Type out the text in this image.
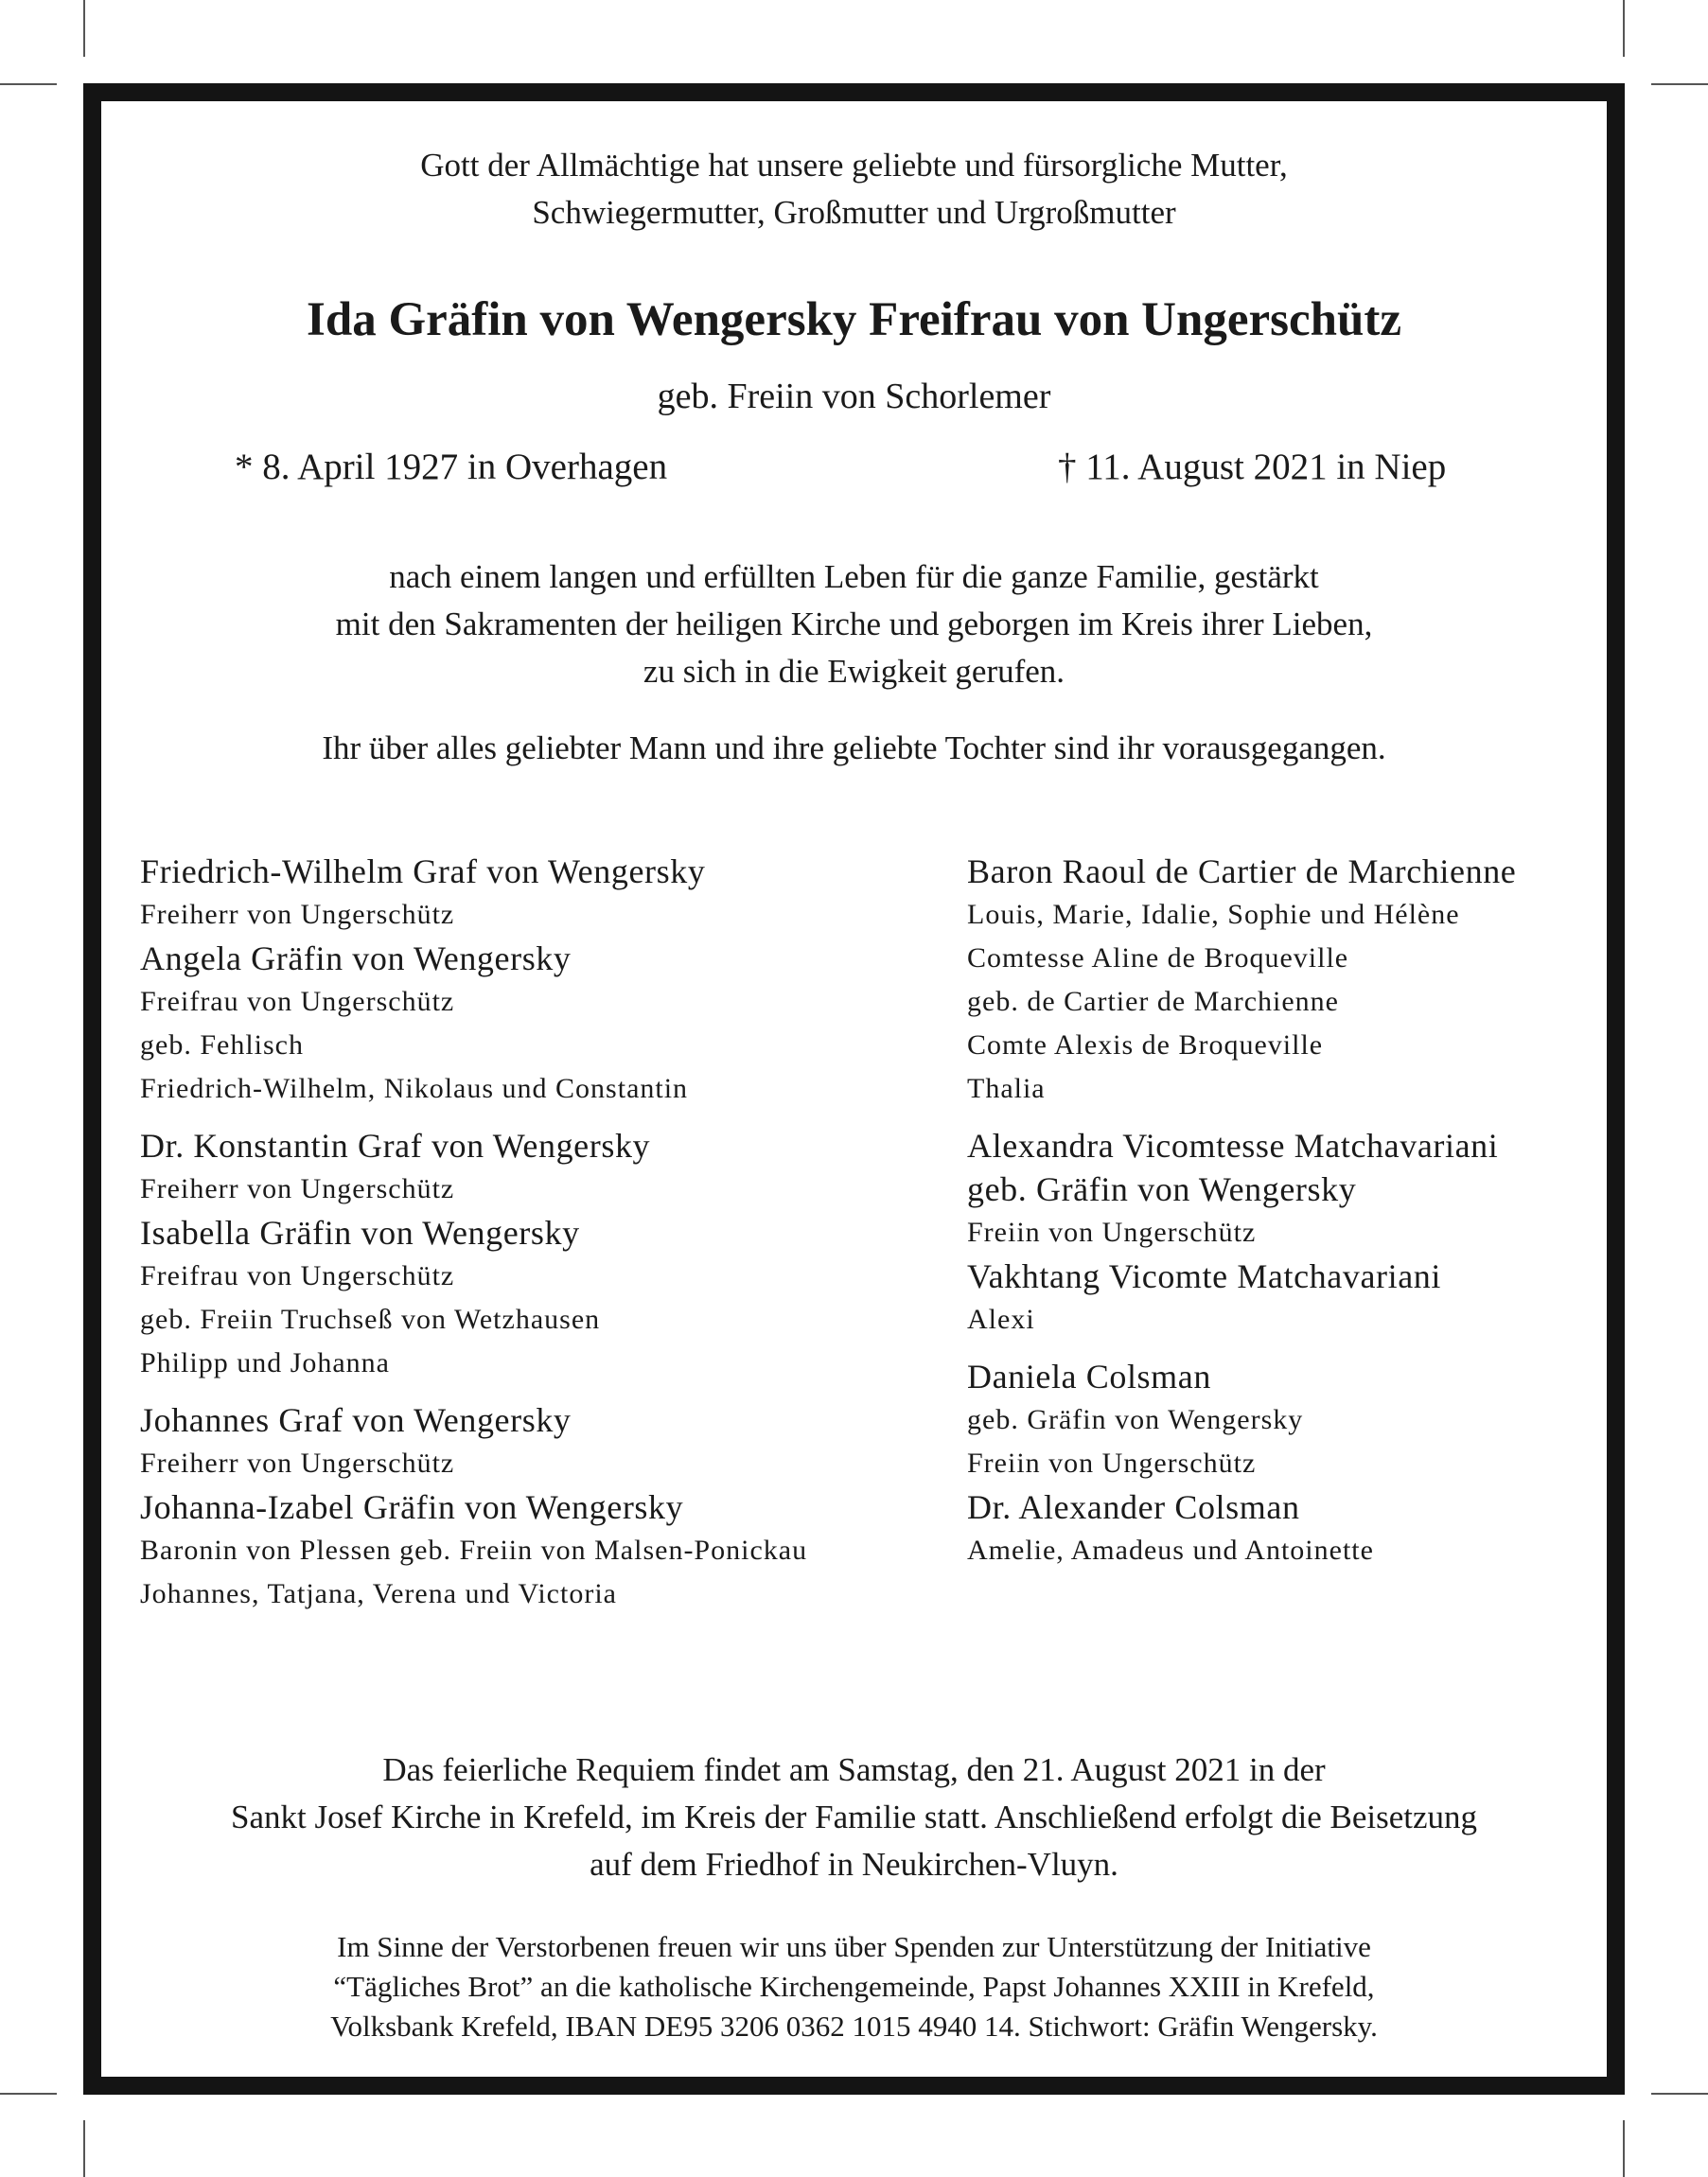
Gott der Allmächtige hat unsere geliebte und fürsorgliche Mutter,
Schwiegermutter, Großmutter und Urgroßmutter
Ida Gräfin von Wengersky Freifrau von Ungerschütz
geb. Freiin von Schorlemer
* 8. April 1927 in Overhagen	† 11. August 2021 in Niep
nach einem langen und erfüllten Leben für die ganze Familie, gestärkt
mit den Sakramenten der heiligen Kirche und geborgen im Kreis ihrer Lieben,
zu sich in die Ewigkeit gerufen.
Ihr über alles geliebter Mann und ihre geliebte Tochter sind ihr vorausgegangen.
Friedrich-Wilhelm Graf von Wengersky
Freiherr von Ungerschütz
Angela Gräfin von Wengersky
Freifrau von Ungerschütz
geb. Fehlisch
Friedrich-Wilhelm, Nikolaus und Constantin
Dr. Konstantin Graf von Wengersky
Freiherr von Ungerschütz
Isabella Gräfin von Wengersky
Freifrau von Ungerschütz
geb. Freiin Truchseß von Wetzhausen
Philipp und Johanna
Johannes Graf von Wengersky
Freiherr von Ungerschütz
Johanna-Izabel Gräfin von Wengersky
Baronin von Plessen geb. Freiin von Malsen-Ponickau
Johannes, Tatjana, Verena und Victoria
Baron Raoul de Cartier de Marchienne
Louis, Marie, Idalie, Sophie und Hélène
Comtesse Aline de Broqueville
geb. de Cartier de Marchienne
Comte Alexis de Broqueville
Thalia
Alexandra Vicomtesse Matchavariani
geb. Gräfin von Wengersky
Freiin von Ungerschütz
Vakhtang Vicomte Matchavariani
Alexi
Daniela Colsman
geb. Gräfin von Wengersky
Freiin von Ungerschütz
Dr. Alexander Colsman
Amelie, Amadeus und Antoinette
Das feierliche Requiem findet am Samstag, den 21. August 2021 in der
Sankt Josef Kirche in Krefeld, im Kreis der Familie statt. Anschließend erfolgt die Beisetzung
auf dem Friedhof in Neukirchen-Vluyn.
Im Sinne der Verstorbenen freuen wir uns über Spenden zur Unterstützung der Initiative
“Tägliches Brot” an die katholische Kirchengemeinde, Papst Johannes XXIII in Krefeld,
Volksbank Krefeld, IBAN DE95 3206 0362 1015 4940 14. Stichwort: Gräfin Wengersky.
